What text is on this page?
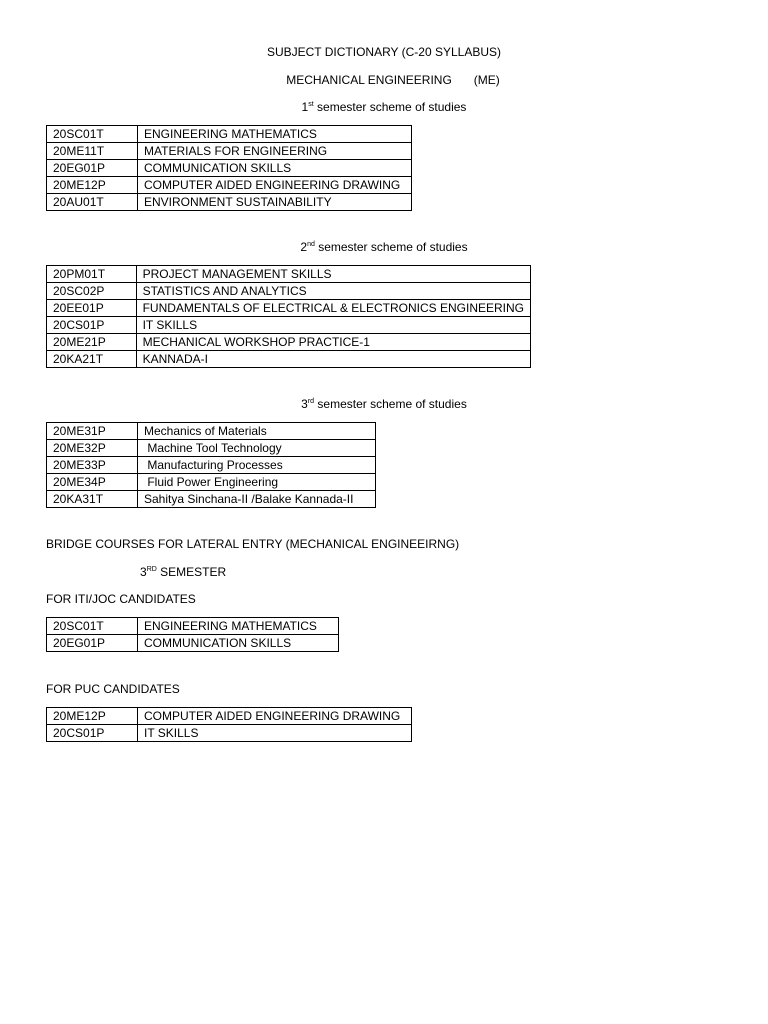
SUBJECT DICTIONARY (C-20 SYLLABUS)
MECHANICAL ENGINEERING (ME)
1st semester scheme of studies
20SC01T	ENGINEERING MATHEMATICS
20ME11T	MATERIALS FOR ENGINEERING
20EG01P	COMMUNICATION SKILLS
20ME12P	COMPUTER AIDED ENGINEERING DRAWING
20AU01T	ENVIRONMENT SUSTAINABILITY
2nd semester scheme of studies
20PM01T	PROJECT MANAGEMENT SKILLS
20SC02P	STATISTICS AND ANALYTICS
20EE01P	FUNDAMENTALS OF ELECTRICAL & ELECTRONICS ENGINEERING
20CS01P	IT SKILLS
20ME21P	MECHANICAL WORKSHOP PRACTICE-1
20KA21T	KANNADA-I
3rd semester scheme of studies
20ME31P	Mechanics of Materials
20ME32P	Machine Tool Technology
20ME33P	Manufacturing Processes
20ME34P	Fluid Power Engineering
20KA31T	Sahitya Sinchana-II /Balake Kannada-II
BRIDGE COURSES FOR LATERAL ENTRY (MECHANICAL ENGINEEIRNG)
3RD SEMESTER
FOR ITI/JOC CANDIDATES
20SC01T	ENGINEERING MATHEMATICS
20EG01P	COMMUNICATION SKILLS
FOR PUC CANDIDATES
20ME12P	COMPUTER AIDED ENGINEERING DRAWING
20CS01P	IT SKILLS
